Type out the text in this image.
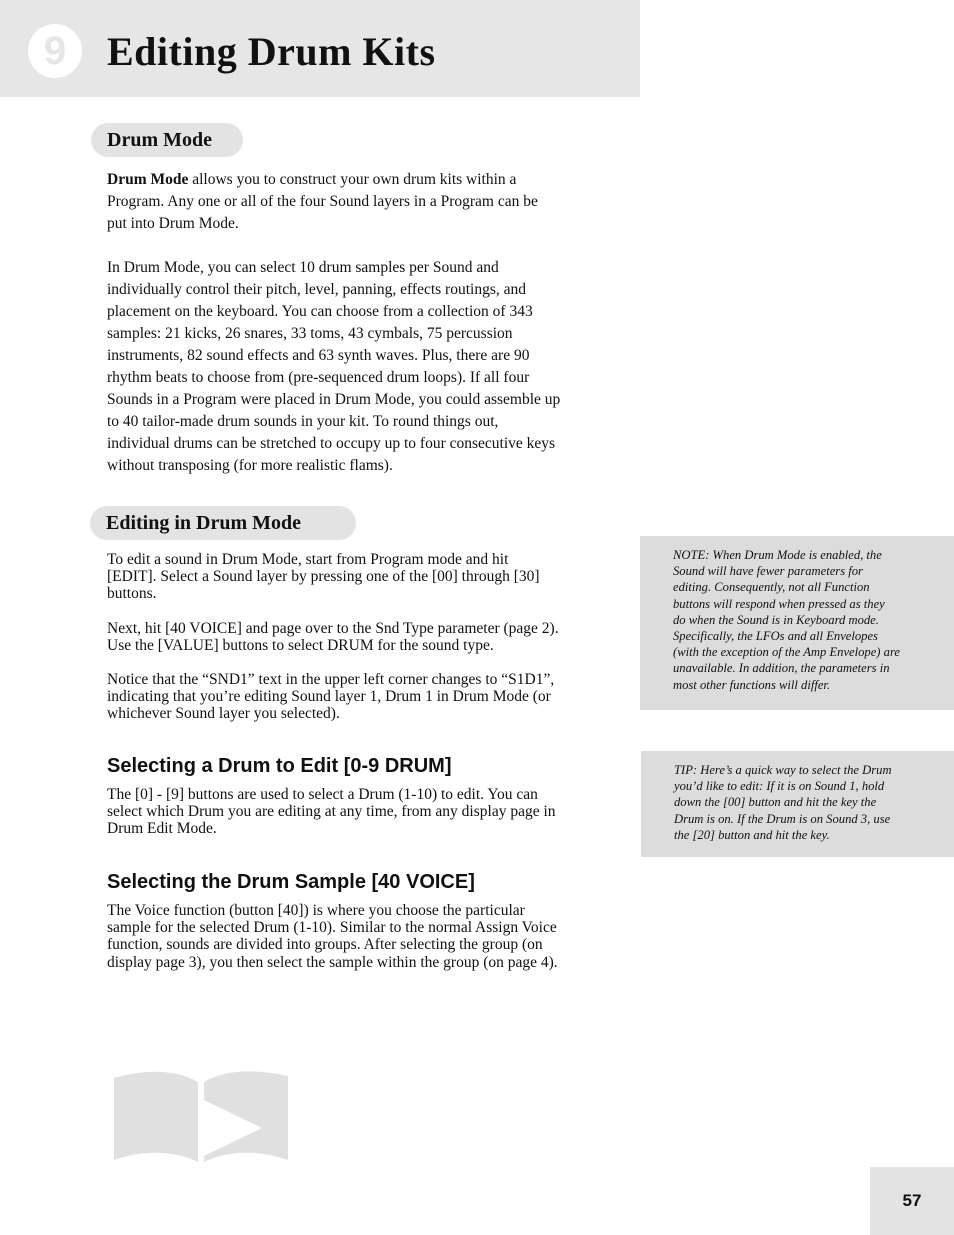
9	Editing Drum Kits
Drum Mode

Drum Mode allows you to construct your own drum kits within a
Program. Any one or all of the four Sound layers in a Program can be
put into Drum Mode.

In Drum Mode, you can select 10 drum samples per Sound and
individually control their pitch, level, panning, effects routings, and
placement on the keyboard. You can choose from a collection of 343
samples: 21 kicks, 26 snares, 33 toms, 43 cymbals, 75 percussion
instruments, 82 sound effects and 63 synth waves. Plus, there are 90
rhythm beats to choose from (pre-sequenced drum loops). If all four
Sounds in a Program were placed in Drum Mode, you could assemble up
to 40 tailor-made drum sounds in your kit. To round things out,
individual drums can be stretched to occupy up to four consecutive keys
without transposing (for more realistic flams).

Editing in Drum Mode

To edit a sound in Drum Mode, start from Program mode and hit
[EDIT]. Select a Sound layer by pressing one of the [00] through [30]
buttons.

Next, hit [40 VOICE] and page over to the Snd Type parameter (page 2).
Use the [VALUE] buttons to select DRUM for the sound type.

Notice that the “SND1” text in the upper left corner changes to “S1D1”,
indicating that you’re editing Sound layer 1, Drum 1 in Drum Mode (or
whichever Sound layer you selected).

Selecting a Drum to Edit [0-9 DRUM]

The [0] - [9] buttons are used to select a Drum (1-10) to edit. You can
select which Drum you are editing at any time, from any display page in
Drum Edit Mode.

Selecting the Drum Sample [40 VOICE]

The Voice function (button [40]) is where you choose the particular
sample for the selected Drum (1-10). Similar to the normal Assign Voice
function, sounds are divided into groups. After selecting the group (on
display page 3), you then select the sample within the group (on page 4).

NOTE: When Drum Mode is enabled, the
Sound will have fewer parameters for
editing. Consequently, not all Function
buttons will respond when pressed as they
do when the Sound is in Keyboard mode.
Specifically, the LFOs and all Envelopes
(with the exception of the Amp Envelope) are
unavailable. In addition, the parameters in
most other functions will differ.

TIP: Here’s a quick way to select the Drum
you’d like to edit: If it is on Sound 1, hold
down the [00] button and hit the key the
Drum is on. If the Drum is on Sound 3, use
the [20] button and hit the key.

57
